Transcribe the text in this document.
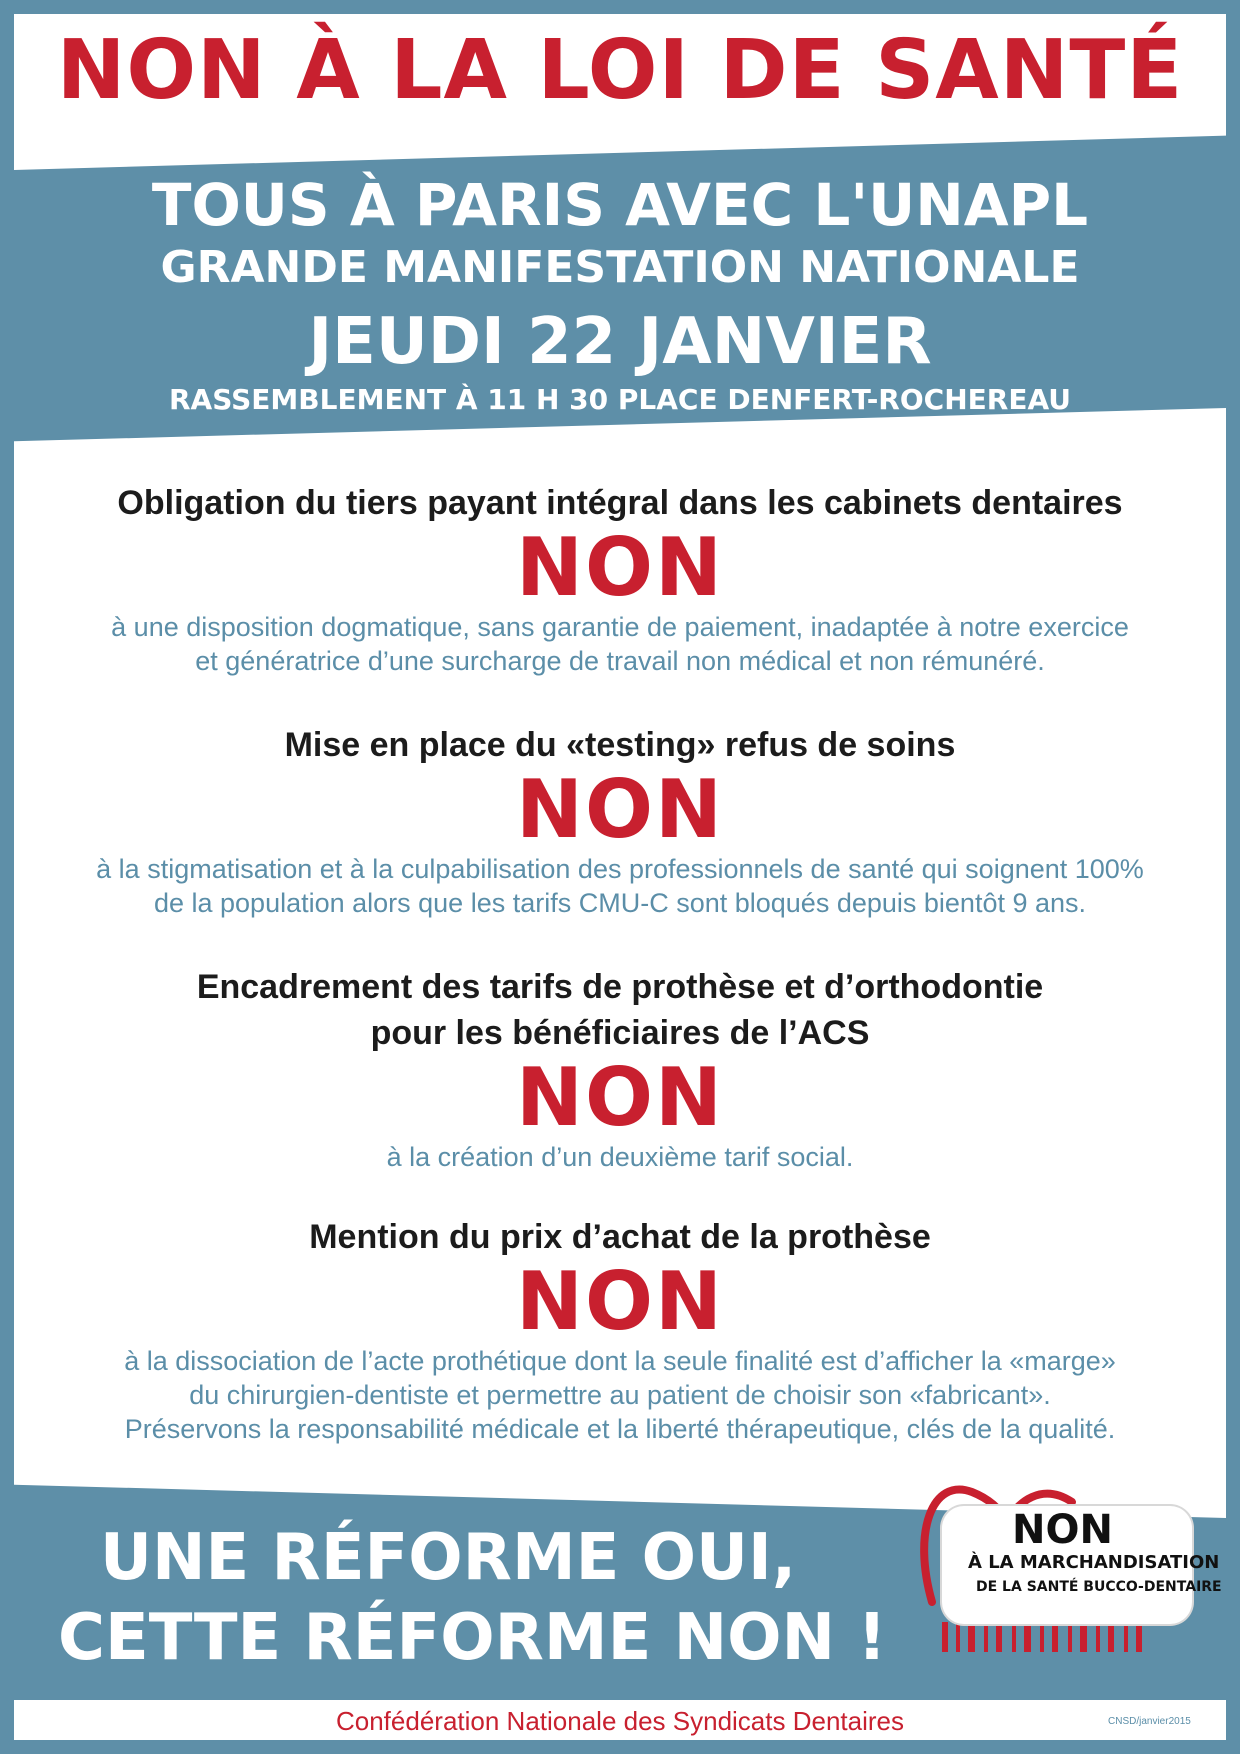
NON À LA LOI DE SANTÉ
TOUS À PARIS AVEC L'UNAPL
GRANDE MANIFESTATION NATIONALE
JEUDI 22 JANVIER
RASSEMBLEMENT À 11 H 30 PLACE DENFERT-ROCHEREAU
Obligation du tiers payant intégral dans les cabinets dentaires
NON
à une disposition dogmatique, sans garantie de paiement, inadaptée à notre exercice
et génératrice d’une surcharge de travail non médical et non rémunéré.
Mise en place du «testing» refus de soins
NON
à la stigmatisation et à la culpabilisation des professionnels de santé qui soignent 100%
de la population alors que les tarifs CMU-C sont bloqués depuis bientôt 9 ans.
Encadrement des tarifs de prothèse et d’orthodontie
pour les bénéficiaires de l’ACS
NON
à la création d’un deuxième tarif social.
Mention du prix d’achat de la prothèse
NON
à la dissociation de l’acte prothétique dont la seule finalité est d’afficher la «marge»
du chirurgien-dentiste et permettre au patient de choisir son «fabricant».
Préservons la responsabilité médicale et la liberté thérapeutique, clés de la qualité.
UNE RÉFORME OUI,
CETTE RÉFORME NON !
NON
À LA MARCHANDISATION
DE LA SANTÉ BUCCO-DENTAIRE
Confédération Nationale des Syndicats Dentaires	CNSD/janvier2015
